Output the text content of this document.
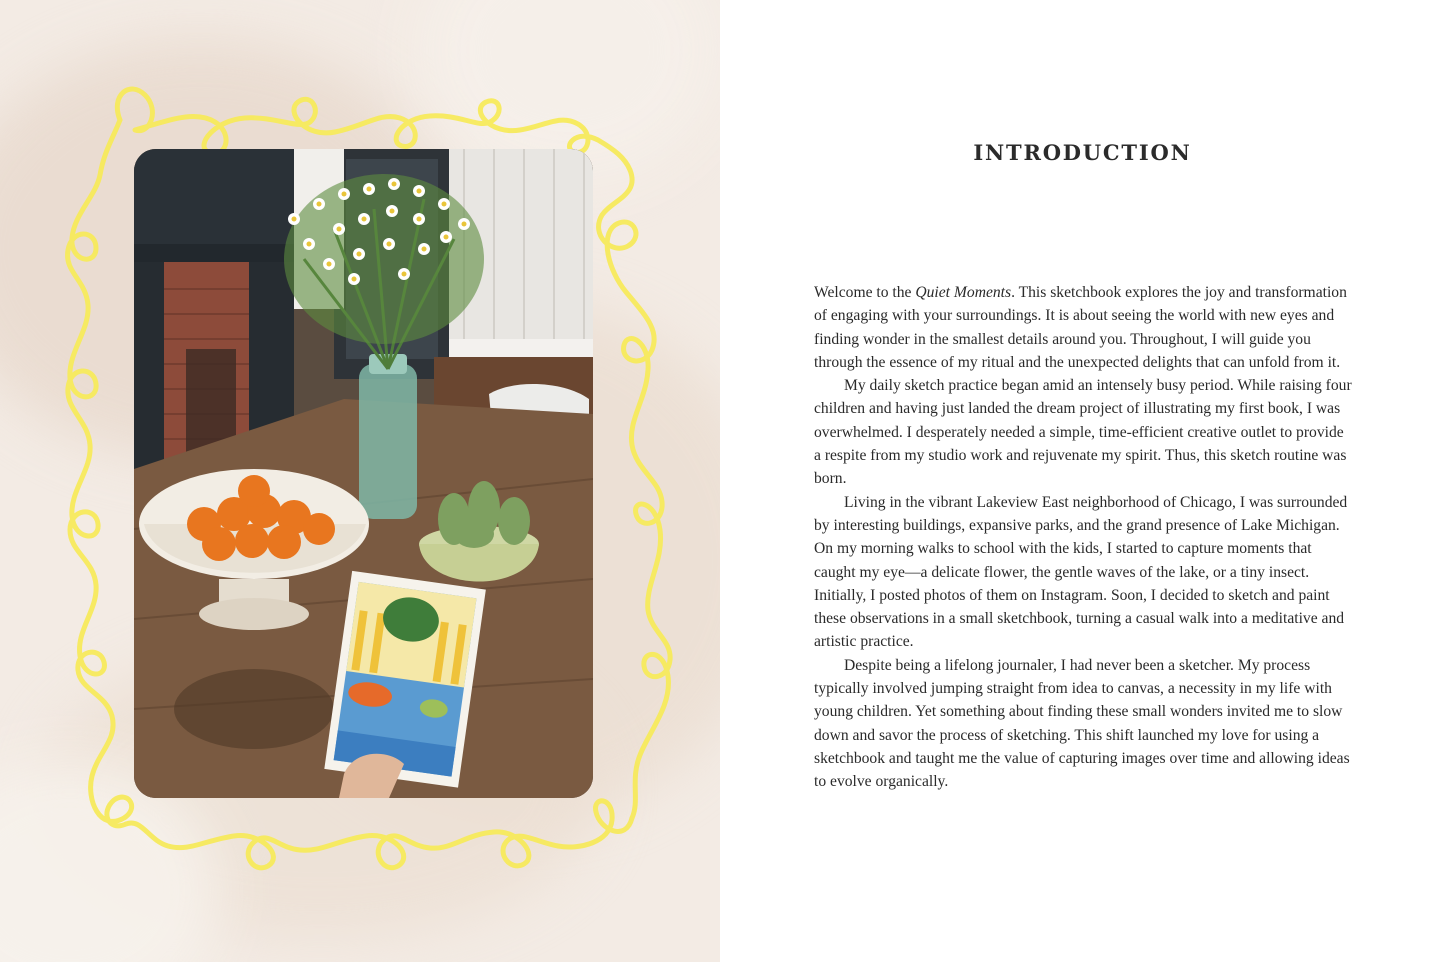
INTRODUCTION

Welcome to the Quiet Moments. This sketchbook explores the joy and transformation of engaging with your surroundings. It is about seeing the world with new eyes and finding wonder in the smallest details around you. Throughout, I will guide you through the essence of my ritual and the unexpected delights that can unfold from it.

My daily sketch practice began amid an intensely busy period. While raising four children and having just landed the dream project of illustrating my first book, I was overwhelmed. I desperately needed a simple, time-efficient creative outlet to provide a respite from my studio work and rejuvenate my spirit. Thus, this sketch routine was born.

Living in the vibrant Lakeview East neighborhood of Chicago, I was surrounded by interesting buildings, expansive parks, and the grand presence of Lake Michigan. On my morning walks to school with the kids, I started to capture moments that caught my eye—a delicate flower, the gentle waves of the lake, or a tiny insect. Initially, I posted photos of them on Instagram. Soon, I decided to sketch and paint these observations in a small sketchbook, turning a casual walk into a meditative and artistic practice.

Despite being a lifelong journaler, I had never been a sketcher. My process typically involved jumping straight from idea to canvas, a necessity in my life with young children. Yet something about finding these small wonders invited me to slow down and savor the process of sketching. This shift launched my love for using a sketchbook and taught me the value of capturing images over time and allowing ideas to evolve organically.
